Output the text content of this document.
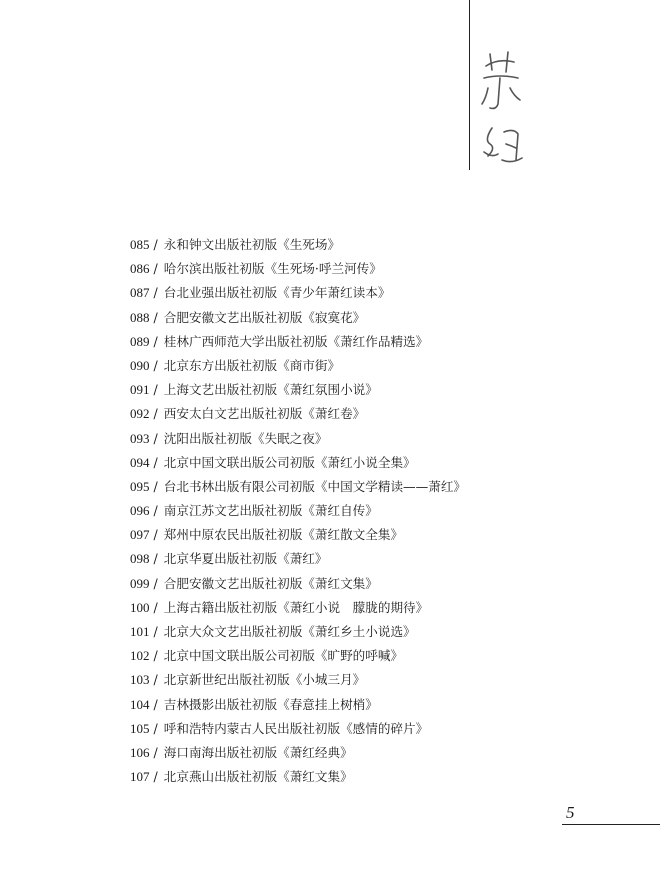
085 / 永和钟文出版社初版《生死场》
086 / 哈尔滨出版社初版《生死场·呼兰河传》
087 / 台北业强出版社初版《青少年萧红读本》
088 / 合肥安徽文艺出版社初版《寂寞花》
089 / 桂林广西师范大学出版社初版《萧红作品精选》
090 / 北京东方出版社初版《商市街》
091 / 上海文艺出版社初版《萧红氛围小说》
092 / 西安太白文艺出版社初版《萧红卷》
093 / 沈阳出版社初版《失眠之夜》
094 / 北京中国文联出版公司初版《萧红小说全集》
095 / 台北书林出版有限公司初版《中国文学精读——萧红》
096 / 南京江苏文艺出版社初版《萧红自传》
097 / 郑州中原农民出版社初版《萧红散文全集》
098 / 北京华夏出版社初版《萧红》
099 / 合肥安徽文艺出版社初版《萧红文集》
100 / 上海古籍出版社初版《萧红小说　朦胧的期待》
101 / 北京大众文艺出版社初版《萧红乡土小说选》
102 / 北京中国文联出版公司初版《旷野的呼喊》
103 / 北京新世纪出版社初版《小城三月》
104 / 吉林摄影出版社初版《春意挂上树梢》
105 / 呼和浩特内蒙古人民出版社初版《感情的碎片》
106 / 海口南海出版社初版《萧红经典》
107 / 北京燕山出版社初版《萧红文集》
5
